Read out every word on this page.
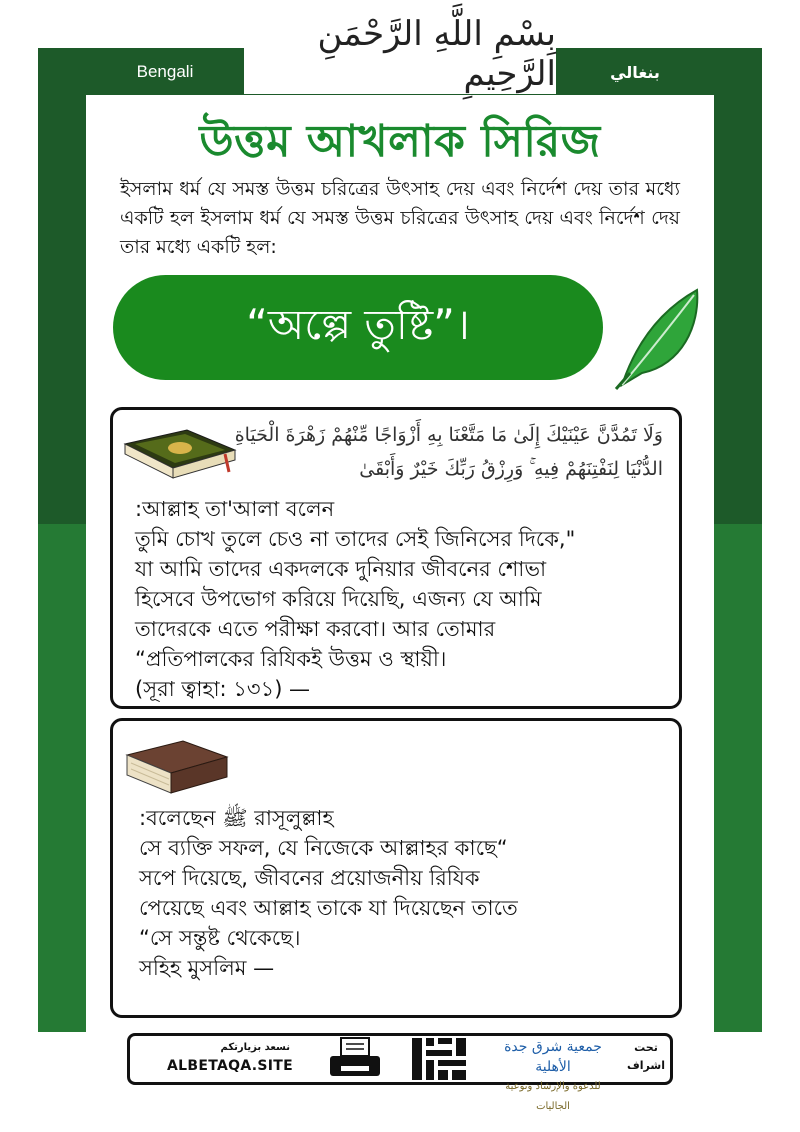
Bengali	بنغالي
بِسْمِ اللَّهِ الرَّحْمَنِ الرَّحِيمِ
উত্তম আখলাক সিরিজ
ইসলাম ধর্ম যে সমস্ত উত্তম চরিত্রের উৎসাহ দেয় এবং নির্দেশ দেয় তার মধ্যে একটি হল ইসলাম ধর্ম যে সমস্ত উত্তম চরিত্রের উৎসাহ দেয় এবং নির্দেশ দেয় তার মধ্যে একটি হল:
“অল্পে তুষ্টি”।
وَلَا تَمُدَّنَّ عَيْنَيْكَ إِلَىٰ مَا مَتَّعْنَا بِهِ أَزْوَاجًا مِّنْهُمْ زَهْرَةَ الْحَيَاةِ الدُّنْيَا لِنَفْتِنَهُمْ فِيهِ ۚ وَرِزْقُ رَبِّكَ خَيْرٌ وَأَبْقَىٰ
:আল্লাহ তা'আলা বলেন
তুমি চোখ তুলে চেও না তাদের সেই জিনিসের দিকে,"
যা আমি তাদের একদলকে দুনিয়ার জীবনের শোভা
হিসেবে উপভোগ করিয়ে দিয়েছি, এজন্য যে আমি
তাদেরকে এতে পরীক্ষা করবো। আর তোমার
“প্রতিপালকের রিযিকই উত্তম ও স্থায়ী।
(সূরা ত্বাহা: ১৩১) —
:বলেছেন ﷺ রাসূলুল্লাহ
সে ব্যক্তি সফল, যে নিজেকে আল্লাহর কাছে“
সপে দিয়েছে, জীবনের প্রয়োজনীয় রিযিক
পেয়েছে এবং আল্লাহ তাকে যা দিয়েছেন তাতে
“সে সন্তুষ্ট থেকেছে।
সহিহ মুসলিম —
نسعد بزيارتكم
ALBETAQA.SITE
جمعية شرق جدة الأهلية
للدعوة والإرشاد وتوعية الجاليات
تحت
اشراف
